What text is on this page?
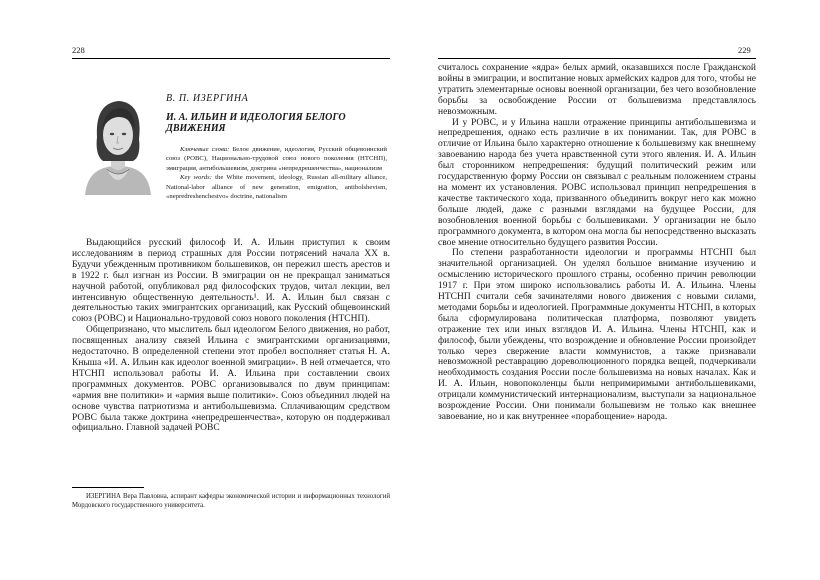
228
В. П. ИЗЕРГИНА
И. А. ИЛЬИН И ИДЕОЛОГИЯ БЕЛОГО ДВИЖЕНИЯ

Ключевые слова: Белое движение, идеология, Русский общевоинский союз (РОВС), Национально-трудовой союз нового поколения (НТСНП), эмиграция, антибольшевизм, доктрина «непредрешенчества», национализм

Key words: the White movement, ideology, Russian all-military alliance, National-labor alliance of new generation, emigration, antibolshevism, «nepredreshenchestvo» doctrine, nationalism

Выдающийся русский философ И. А. Ильин приступил к своим исследованиям в период страшных для России потрясений начала XX в. Будучи убежденным противником большевиков, он пережил шесть арестов и в 1922 г. был изгнан из России. В эмиграции он не прекращал заниматься научной работой, опубликовал ряд философских трудов, читал лекции, вел интенсивную общественную деятельность¹. И. А. Ильин был связан с деятельностью таких эмигрантских организаций, как Русский общевоинский союз (РОВС) и Национально-трудовой союз нового поколения (НТСНП).

Общепризнано, что мыслитель был идеологом Белого движения, но работ, посвященных анализу связей Ильина с эмигрантскими организациями, недостаточно. В определенной степени этот пробел восполняет статья Н. А. Кныша «И. А. Ильин как идеолог военной эмиграции». В ней отмечается, что НТСНП использовал работы И. А. Ильина при составлении своих программных документов. РОВС организовывался по двум принципам: «армия вне политики» и «армия выше политики». Союз объединил людей на основе чувства патриотизма и антибольшевизма. Сплачивающим средством РОВС была также доктрина «непредрешенчества», которую он поддерживал официально. Главной задачей РОВС

ИЗЕРГИНА Вера Павловна, аспирант кафедры экономической истории и информационных технологий Мордовского государственного университета.

229

считалось сохранение «ядра» белых армий, оказавшихся после Гражданской войны в эмиграции, и воспитание новых армейских кадров для того, чтобы не утратить элементарные основы военной организации, без чего возобновление борьбы за освобождение России от большевизма представлялось невозможным.

И у РОВС, и у Ильина нашли отражение принципы антибольшевизма и непредрешения, однако есть различие в их понимании. Так, для РОВС в отличие от Ильина было характерно отношение к большевизму как внешнему завоеванию народа без учета нравственной сути этого явления. И. А. Ильин был сторонником непредрешения: будущий политический режим или государственную форму России он связывал с реальным положением страны на момент их установления. РОВС использовал принцип непредрешения в качестве тактического хода, призванного объединить вокруг него как можно больше людей, даже с разными взглядами на будущее России, для возобновления военной борьбы с большевиками. У организации не было программного документа, в котором она могла бы непосредственно высказать свое мнение относительно будущего развития России.

По степени разработанности идеологии и программы НТСНП был значительной организацией. Он уделял большое внимание изучению и осмыслению исторического прошлого страны, особенно причин революции 1917 г. При этом широко использовались работы И. А. Ильина. Члены НТСНП считали себя зачинателями нового движения с новыми силами, методами борьбы и идеологией. Программные документы НТСНП, в которых была сформулирована политическая платформа, позволяют увидеть отражение тех или иных взглядов И. А. Ильина. Члены НТСНП, как и философ, были убеждены, что возрождение и обновление России произойдет только через свержение власти коммунистов, а также признавали невозможной реставрацию дореволюционного порядка вещей, подчеркивали необходимость создания России после большевизма на новых началах. Как и И. А. Ильин, новопоколенцы были непримиримыми антибольшевиками, отрицали коммунистический интернационализм, выступали за национальное возрождение России. Они понимали большевизм не только как внешнее завоевание, но и как внутреннее «порабощение» народа.
